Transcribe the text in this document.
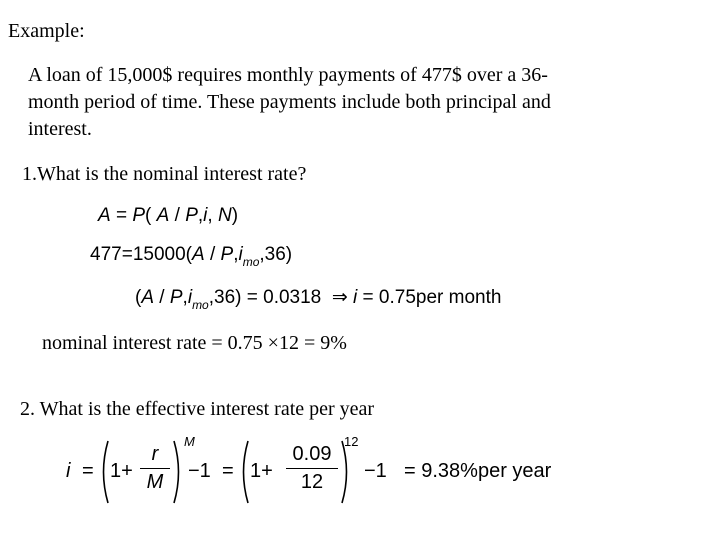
Example:
A loan of 15,000$ requires monthly payments of 477$ over a 36-
month period of time. These payments include both principal and
interest.
1.What is the nominal interest rate?
A = P( A / P,i, N)
$477=15000(A / P,i_{mo},36)$
$(A / P,i_{mo},36) = 0.0318$ ⇒ i = 0.75per month
nominal interest rate = 0.75 ×12 = 9%
2. What is the effective interest rate per year
i = 1+
r
M
M
−1 = 1+
0.09
12
12
−1 = 9.38%per year
